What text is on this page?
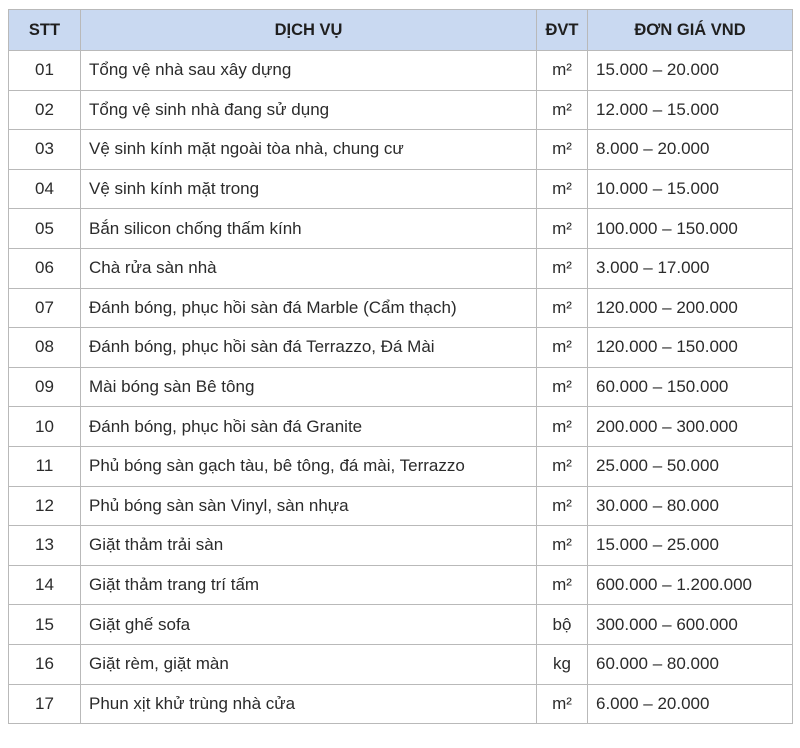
STT	DỊCH VỤ	ĐVT	ĐƠN GIÁ VND
01	Tổng vệ nhà sau xây dựng	m²	15.000 – 20.000
02	Tổng vệ sinh nhà đang sử dụng	m²	12.000 – 15.000
03	Vệ sinh kính mặt ngoài tòa nhà, chung cư	m²	8.000 – 20.000
04	Vệ sinh kính mặt trong	m²	10.000 – 15.000
05	Bắn silicon chống thấm kính	m²	100.000 – 150.000
06	Chà rửa sàn nhà	m²	3.000 – 17.000
07	Đánh bóng, phục hồi sàn đá Marble (Cẩm thạch)	m²	120.000 – 200.000
08	Đánh bóng, phục hồi sàn đá Terrazzo, Đá Mài	m²	120.000 – 150.000
09	Mài bóng sàn Bê tông	m²	60.000 – 150.000
10	Đánh bóng, phục hồi sàn đá Granite	m²	200.000 – 300.000
11	Phủ bóng sàn gạch tàu, bê tông, đá mài, Terrazzo	m²	25.000 – 50.000
12	Phủ bóng sàn sàn Vinyl, sàn nhựa	m²	30.000 – 80.000
13	Giặt thảm trải sàn	m²	15.000 – 25.000
14	Giặt thảm trang trí tấm	m²	600.000 – 1.200.000
15	Giặt ghế sofa	bộ	300.000 – 600.000
16	Giặt rèm, giặt màn	kg	60.000 – 80.000
17	Phun xịt khử trùng nhà cửa	m²	6.000 – 20.000
